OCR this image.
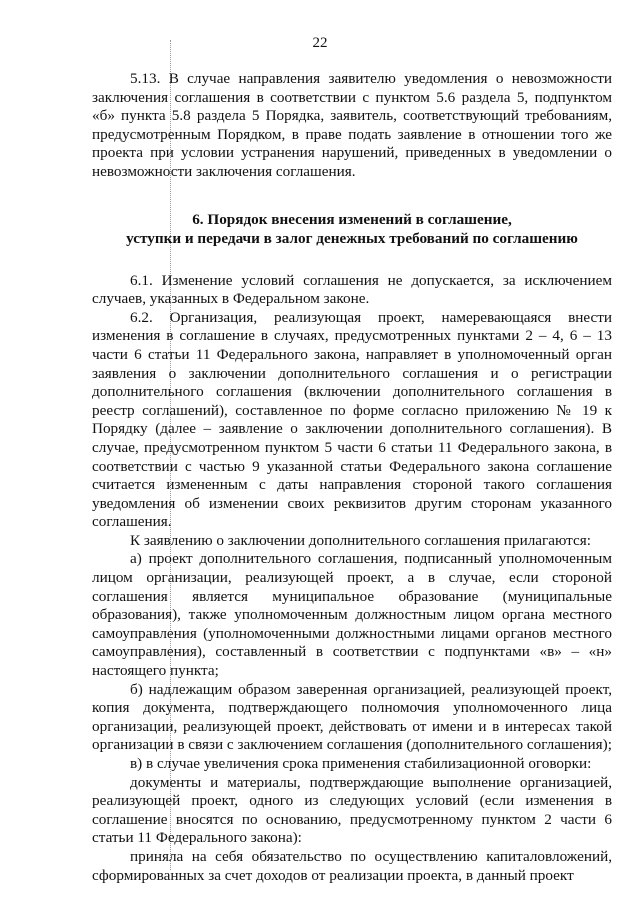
22

5.13. В случае направления заявителю уведомления о невозможности заключения соглашения в соответствии с пунктом 5.6 раздела 5, подпунктом «б» пункта 5.8 раздела 5 Порядка, заявитель, соответствующий требованиям, предусмотренным Порядком, в праве подать заявление в отношении того же проекта при условии устранения нарушений, приведенных в уведомлении о невозможности заключения соглашения.

6. Порядок внесения изменений в соглашение,
уступки и передачи в залог денежных требований по соглашению

6.1. Изменение условий соглашения не допускается, за исключением случаев, указанных в Федеральном законе.

6.2. Организация, реализующая проект, намеревающаяся внести изменения в соглашение в случаях, предусмотренных пунктами 2 – 4, 6 – 13 части 6 статьи 11 Федерального закона, направляет в уполномоченный орган заявления о заключении дополнительного соглашения и о регистрации дополнительного соглашения (включении дополнительного соглашения в реестр соглашений), составленное по форме согласно приложению № 19 к Порядку (далее – заявление о заключении дополнительного соглашения). В случае, предусмотренном пунктом 5 части 6 статьи 11 Федерального закона, в соответствии с частью 9 указанной статьи Федерального закона соглашение считается измененным с даты направления стороной такого соглашения уведомления об изменении своих реквизитов другим сторонам указанного соглашения.

К заявлению о заключении дополнительного соглашения прилагаются:

а) проект дополнительного соглашения, подписанный уполномоченным лицом организации, реализующей проект, а в случае, если стороной соглашения является муниципальное образование (муниципальные образования), также уполномоченным должностным лицом органа местного самоуправления (уполномоченными должностными лицами органов местного самоуправления), составленный в соответствии с подпунктами «в» – «н» настоящего пункта;

б) надлежащим образом заверенная организацией, реализующей проект, копия документа, подтверждающего полномочия уполномоченного лица организации, реализующей проект, действовать от имени и в интересах такой организации в связи с заключением соглашения (дополнительного соглашения);

в) в случае увеличения срока применения стабилизационной оговорки:

документы и материалы, подтверждающие выполнение организацией, реализующей проект, одного из следующих условий (если изменения в соглашение вносятся по основанию, предусмотренному пунктом 2 части 6 статьи 11 Федерального закона):

приняла на себя обязательство по осуществлению капиталовложений, сформированных за счет доходов от реализации проекта, в данный проект
